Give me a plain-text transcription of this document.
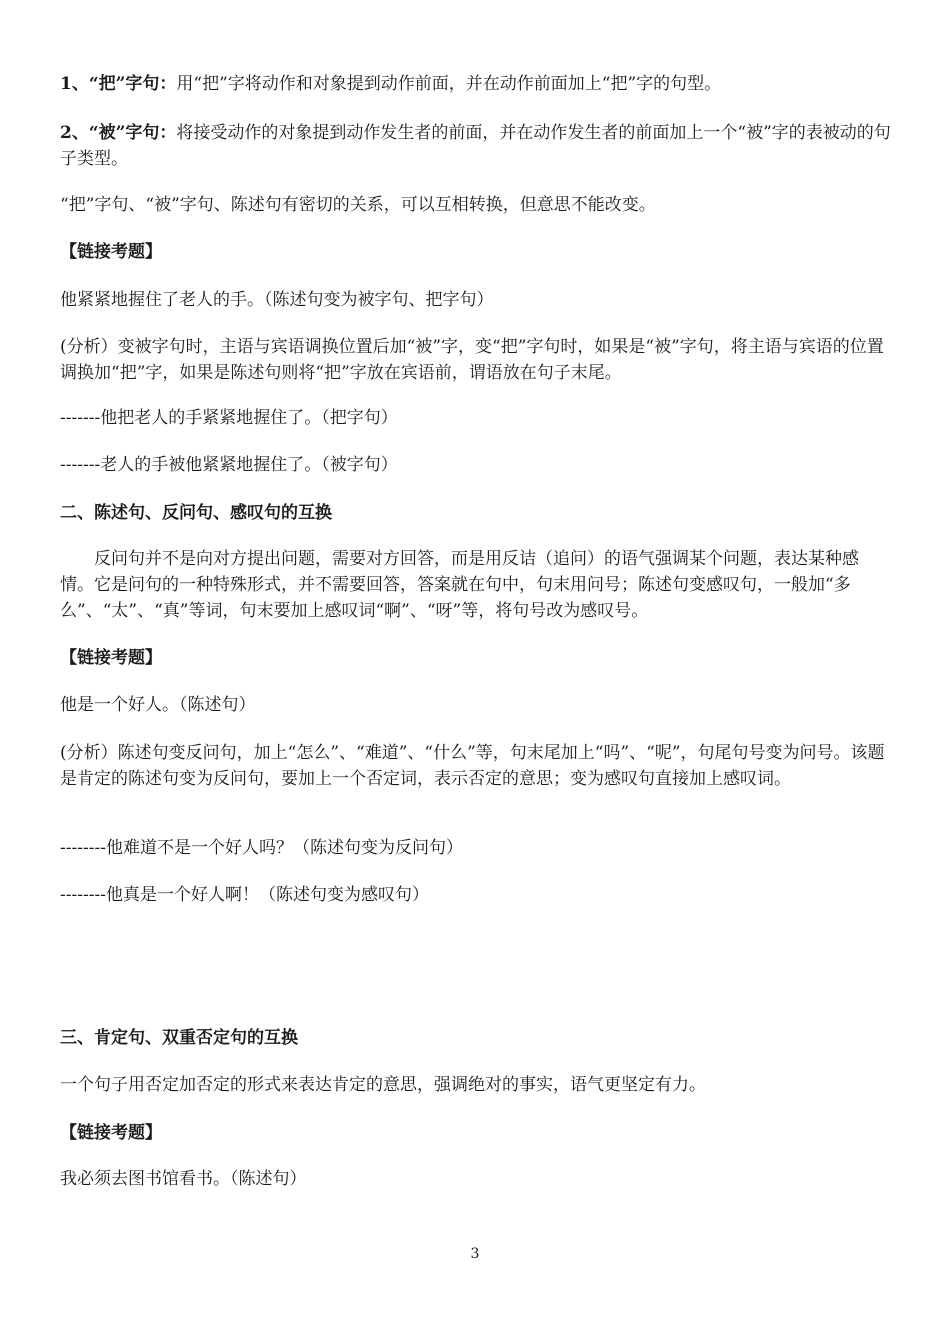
1、“把”字句：用“把”字将动作和对象提到动作前面，并在动作前面加上“把”字的句型。

2、“被”字句：将接受动作的对象提到动作发生者的前面，并在动作发生者的前面加上一个“被”字的表被动的句子类型。

“把”字句、“被”字句、陈述句有密切的关系，可以互相转换，但意思不能改变。

【链接考题】

他紧紧地握住了老人的手。（陈述句变为被字句、把字句）

(分析）变被字句时，主语与宾语调换位置后加“被”字，变“把”字句时，如果是“被”字句，将主语与宾语的位置调换加“把”字，如果是陈述句则将“把”字放在宾语前，谓语放在句子末尾。

-------他把老人的手紧紧地握住了。（把字句）

-------老人的手被他紧紧地握住了。（被字句）

二、陈述句、反问句、感叹句的互换

反问句并不是向对方提出问题，需要对方回答，而是用反诘（追问）的语气强调某个问题，表达某种感情。它是问句的一种特殊形式，并不需要回答，答案就在句中，句末用问号；陈述句变感叹句，一般加“多么”、“太”、“真”等词，句末要加上感叹词“啊”、“呀”等，将句号改为感叹号。

【链接考题】

他是一个好人。（陈述句）

(分析）陈述句变反问句，加上“怎么”、“难道”、“什么”等，句末尾加上“吗”、“呢”，句尾句号变为问号。该题是肯定的陈述句变为反问句，要加上一个否定词，表示否定的意思；变为感叹句直接加上感叹词。

--------他难道不是一个好人吗？（陈述句变为反问句）

--------他真是一个好人啊！（陈述句变为感叹句）

三、肯定句、双重否定句的互换

一个句子用否定加否定的形式来表达肯定的意思，强调绝对的事实，语气更坚定有力。

【链接考题】

我必须去图书馆看书。（陈述句）

3
